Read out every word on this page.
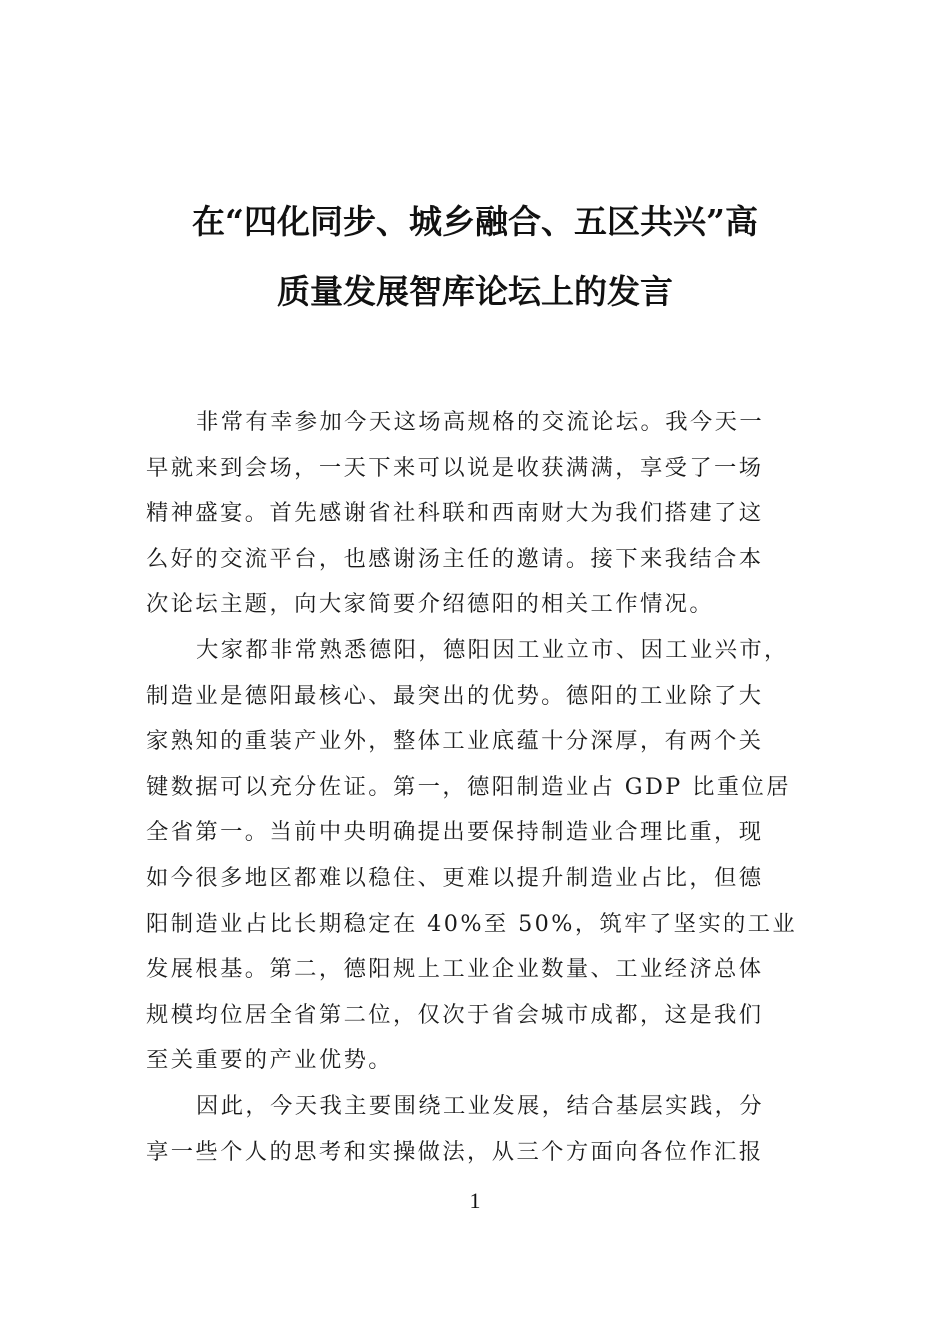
在“四化同步、城乡融合、五区共兴”高
质量发展智库论坛上的发言
非常有幸参加今天这场高规格的交流论坛。我今天一
早就来到会场，一天下来可以说是收获满满，享受了一场
精神盛宴。首先感谢省社科联和西南财大为我们搭建了这
么好的交流平台，也感谢汤主任的邀请。接下来我结合本
次论坛主题，向大家简要介绍德阳的相关工作情况。
大家都非常熟悉德阳，德阳因工业立市、因工业兴市，
制造业是德阳最核心、最突出的优势。德阳的工业除了大
家熟知的重装产业外，整体工业底蕴十分深厚，有两个关
键数据可以充分佐证。第一，德阳制造业占 GDP 比重位居
全省第一。当前中央明确提出要保持制造业合理比重，现
如今很多地区都难以稳住、更难以提升制造业占比，但德
阳制造业占比长期稳定在 40%至 50%，筑牢了坚实的工业
发展根基。第二，德阳规上工业企业数量、工业经济总体
规模均位居全省第二位，仅次于省会城市成都，这是我们
至关重要的产业优势。
因此，今天我主要围绕工业发展，结合基层实践，分
享一些个人的思考和实操做法，从三个方面向各位作汇报
1
